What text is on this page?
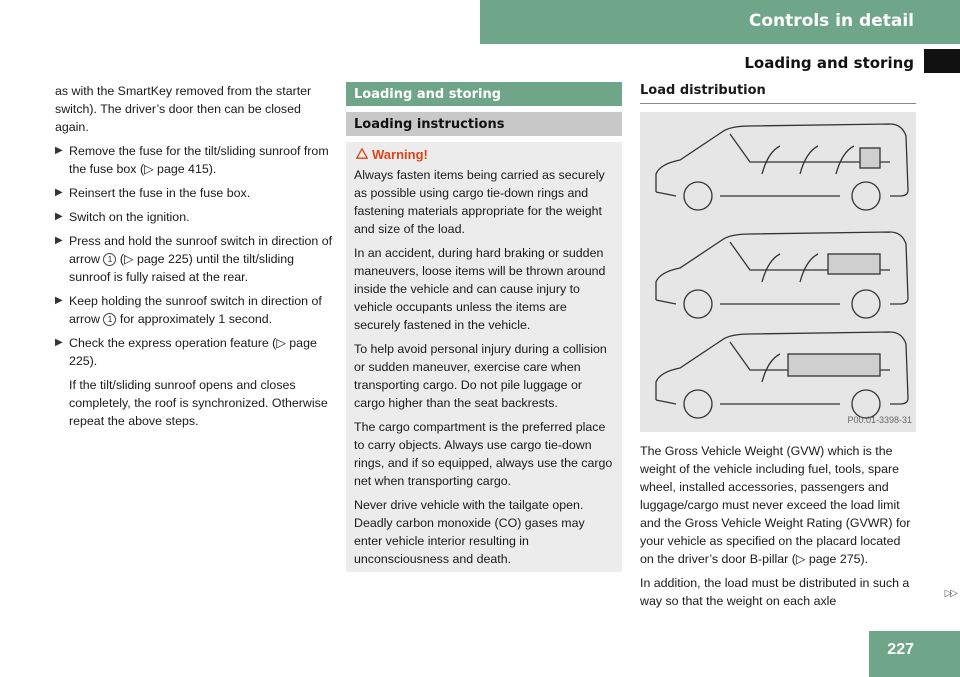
Controls in detail
Loading and storing

as with the SmartKey removed from the starter switch). The driver’s door then can be closed again.

▶ Remove the fuse for the tilt/sliding sunroof from the fuse box (▷ page 415).
▶ Reinsert the fuse in the fuse box.
▶ Switch on the ignition.
▶ Press and hold the sunroof switch in direction of arrow 1 (▷ page 225) until the tilt/sliding sunroof is fully raised at the rear.
▶ Keep holding the sunroof switch in direction of arrow 1 for approximately 1 second.
▶ Check the express operation feature (▷ page 225).

If the tilt/sliding sunroof opens and closes completely, the roof is synchronized. Otherwise repeat the above steps.

Loading and storing
Loading instructions
Warning!

Always fasten items being carried as securely as possible using cargo tie-down rings and fastening materials appropriate for the weight and size of the load.

In an accident, during hard braking or sudden maneuvers, loose items will be thrown around inside the vehicle and can cause injury to vehicle occupants unless the items are securely fastened in the vehicle.

To help avoid personal injury during a collision or sudden maneuver, exercise care when transporting cargo. Do not pile luggage or cargo higher than the seat backrests.

The cargo compartment is the preferred place to carry objects. Always use cargo tie-down rings, and if so equipped, always use the cargo net when transporting cargo.

Never drive vehicle with the tailgate open. Deadly carbon monoxide (CO) gases may enter vehicle interior resulting in unconsciousness and death.

Load distribution
P00.01-3398-31

The Gross Vehicle Weight (GVW) which is the weight of the vehicle including fuel, tools, spare wheel, installed accessories, passengers and luggage/cargo must never exceed the load limit and the Gross Vehicle Weight Rating (GVWR) for your vehicle as specified on the placard located on the driver’s door B-pillar (▷ page 275).

In addition, the load must be distributed in such a way so that the weight on each axle

▷▷
227
